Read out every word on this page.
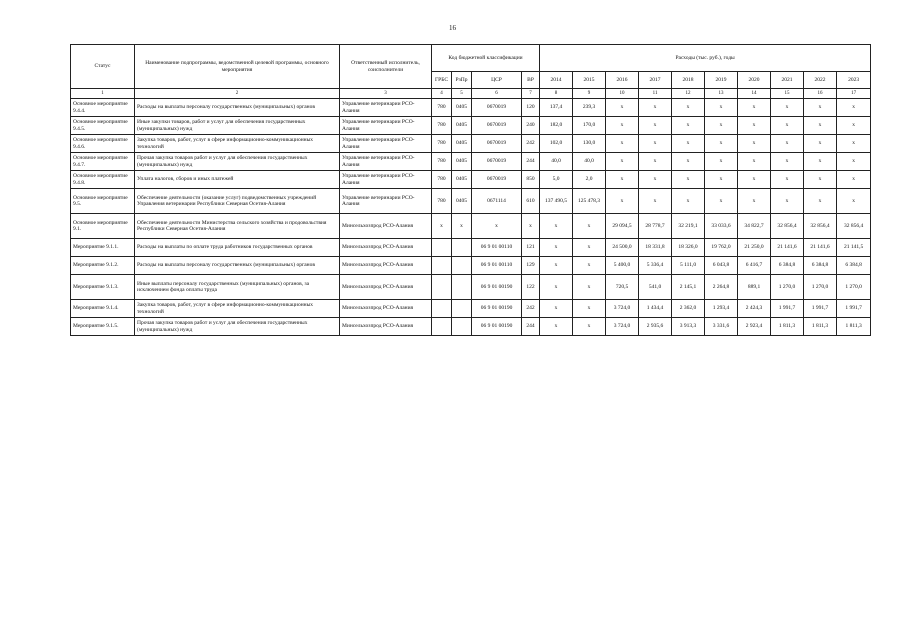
16
Статус	Наименование подпрограммы, ведомственной целевой программы, основного мероприятия	Ответственный исполнитель, соисполнители	Код бюджетной классификации				Расходы (тыс. руб.), годы									
			ГРБС	РзПр	ЦСР	ВР	2014	2015	2016	2017	2018	2019	2020	2021	2022	2023
1	2	3	4	5	6	7	8	9	10	11	12	13	14	15	16	17
Основное мероприятие 9.4.4.	Расходы на выплаты персоналу государственных (муниципальных) органов	Управление ветеринарии РСО-Алания	780	0405	0670019	120	137,4	239,3	х	х	х	х	х	х	х	х
Основное мероприятие 9.4.5.	Иные закупки товаров, работ и услуг для обеспечения государственных (муниципальных) нужд	Управление ветеринарии РСО-Алания	780	0405	0670019	240	182,0	170,0	х	х	х	х	х	х	х	х
Основное мероприятие 9.4.6.	Закупка товаров, работ, услуг в сфере информационно-коммуникационных технологий	Управление ветеринарии РСО-Алания	780	0405	0670019	242	102,0	130,0	х	х	х	х	х	х	х	х
Основное мероприятие 9.4.7.	Прочая закупка товаров работ и услуг для обеспечения государственных (муниципальных) нужд	Управление ветеринарии РСО-Алания	780	0405	0670019	244	40,0	40,0	х	х	х	х	х	х	х	х
Основное мероприятие 9.4.8.	Уплата налогов, сборов и иных платежей	Управление ветеринарии РСО-Алания	780	0405	0670019	850	5,0	2,0	х	х	х	х	х	х	х	х
Основное мероприятие 9.5.	Обеспечение деятельности (оказание услуг) подведомственных учреждений Управления ветеринарии Республики Северная Осетия-Алания	Управление ветеринарии РСО-Алания	780	0405	0671114	610	137 490,5	125 478,3	х	х	х	х	х	х	х	х
Основное мероприятие 9.1.	Обеспечение деятельности Министерства сельского хозяйства и продовольствия Республики Северная Осетия-Алания	Минсельхозпрод РСО-Алания	х	х	х	х	х	х	29 094,5	28 778,7	32 219,1	33 033,6	34 822,7	32 856,4	32 856,4	32 856,4
Мероприятие 9.1.1.	Расходы на выплаты по оплате труда работников государственных органов	Минсельхозпрод РСО-Алания			06 9 01 00110	121	х	х	24 500,0	18 331,8	18 326,0	19 762,0	21 250,0	21 141,6	21 141,6	21 141,5
Мероприятие 9.1.2.	Расходы на выплаты персоналу государственных (муниципальных) органов	Минсельхозпрод РСО-Алания			06 9 01 00110	129	х	х	5 400,0	5 336,4	5 111,0	6 043,8	6 416,7	6 384,8	6 384,8	6 384,8
Мероприятие 9.1.3.	Иные выплаты персоналу государственных (муниципальных) органов, за исключением фонда оплаты труда	Минсельхозпрод РСО-Алания			06 9 01 00190	122	х	х	720,5	541,0	2 145,1	2 264,8	889,1	1 270,0	1 270,0	1 270,0
Мероприятие 9.1.4.	Закупка товаров, работ, услуг в сфере информационно-коммуникационных технологий	Минсельхозпрод РСО-Алания			06 9 01 00190	242	х	х	3 724,0	1 434,4	2 362,0	1 293,4	2 424,3	1 991,7	1 991,7	1 991,7
Мероприятие 9.1.5.	Прочая закупка товаров работ и услуг для обеспечения государственных (муниципальных) нужд	Минсельхозпрод РСО-Алания			06 9 01 00190	244	х	х	3 724,0	2 935,6	3 913,3	3 331,6	2 923,4	1 811,3	1 811,3	1 811,3
